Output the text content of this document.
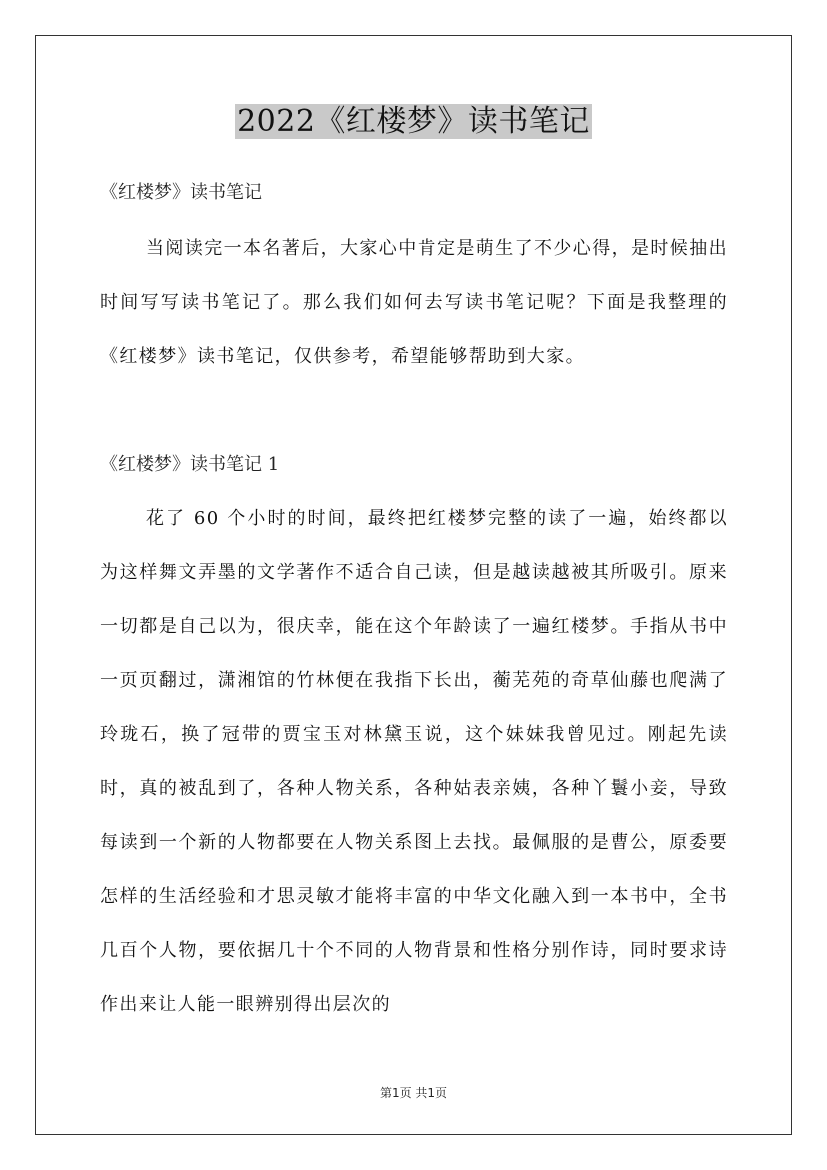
2022《红楼梦》读书笔记
《红楼梦》读书笔记

当阅读完一本名著后，大家心中肯定是萌生了不少心得，是时候抽出时间写写读书笔记了。那么我们如何去写读书笔记呢？下面是我整理的《红楼梦》读书笔记，仅供参考，希望能够帮助到大家。

《红楼梦》读书笔记 1

花了 60 个小时的时间，最终把红楼梦完整的读了一遍，始终都以为这样舞文弄墨的文学著作不适合自己读，但是越读越被其所吸引。原来一切都是自己以为，很庆幸，能在这个年龄读了一遍红楼梦。手指从书中一页页翻过，潇湘馆的竹林便在我指下长出，蘅芜苑的奇草仙藤也爬满了玲珑石，换了冠带的贾宝玉对林黛玉说，这个妹妹我曾见过。刚起先读时，真的被乱到了，各种人物关系，各种姑表亲姨，各种丫鬟小妾，导致每读到一个新的人物都要在人物关系图上去找。最佩服的是曹公，原委要怎样的生活经验和才思灵敏才能将丰富的中华文化融入到一本书中，全书几百个人物，要依据几十个不同的人物背景和性格分别作诗，同时要求诗作出来让人能一眼辨别得出层次的

第1页 共1页
